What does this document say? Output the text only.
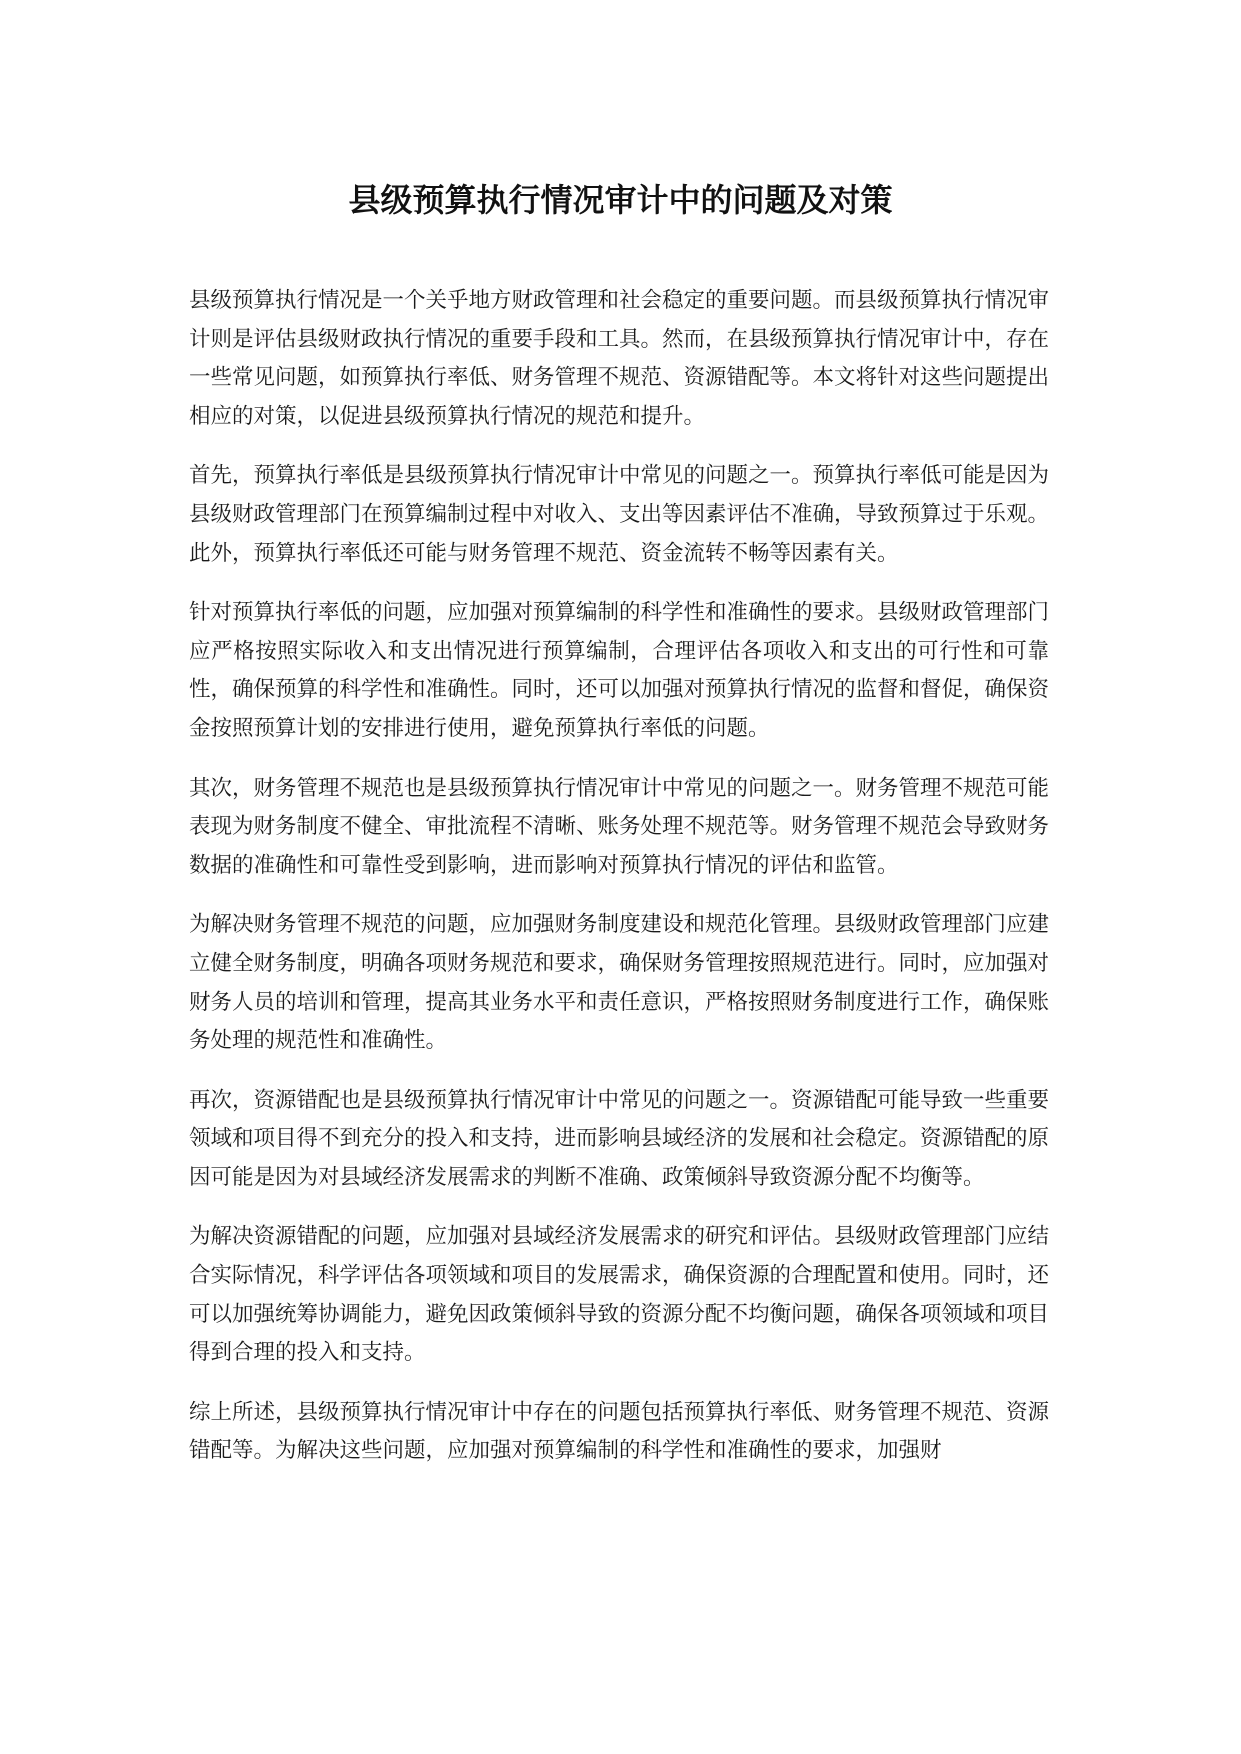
县级预算执行情况审计中的问题及对策

县级预算执行情况是一个关乎地方财政管理和社会稳定的重要问题。而县级预算执行情况审计则是评估县级财政执行情况的重要手段和工具。然而，在县级预算执行情况审计中，存在一些常见问题，如预算执行率低、财务管理不规范、资源错配等。本文将针对这些问题提出相应的对策，以促进县级预算执行情况的规范和提升。

首先，预算执行率低是县级预算执行情况审计中常见的问题之一。预算执行率低可能是因为县级财政管理部门在预算编制过程中对收入、支出等因素评估不准确，导致预算过于乐观。此外，预算执行率低还可能与财务管理不规范、资金流转不畅等因素有关。

针对预算执行率低的问题，应加强对预算编制的科学性和准确性的要求。县级财政管理部门应严格按照实际收入和支出情况进行预算编制，合理评估各项收入和支出的可行性和可靠性，确保预算的科学性和准确性。同时，还可以加强对预算执行情况的监督和督促，确保资金按照预算计划的安排进行使用，避免预算执行率低的问题。

其次，财务管理不规范也是县级预算执行情况审计中常见的问题之一。财务管理不规范可能表现为财务制度不健全、审批流程不清晰、账务处理不规范等。财务管理不规范会导致财务数据的准确性和可靠性受到影响，进而影响对预算执行情况的评估和监管。

为解决财务管理不规范的问题，应加强财务制度建设和规范化管理。县级财政管理部门应建立健全财务制度，明确各项财务规范和要求，确保财务管理按照规范进行。同时，应加强对财务人员的培训和管理，提高其业务水平和责任意识，严格按照财务制度进行工作，确保账务处理的规范性和准确性。

再次，资源错配也是县级预算执行情况审计中常见的问题之一。资源错配可能导致一些重要领域和项目得不到充分的投入和支持，进而影响县域经济的发展和社会稳定。资源错配的原因可能是因为对县域经济发展需求的判断不准确、政策倾斜导致资源分配不均衡等。

为解决资源错配的问题，应加强对县域经济发展需求的研究和评估。县级财政管理部门应结合实际情况，科学评估各项领域和项目的发展需求，确保资源的合理配置和使用。同时，还可以加强统筹协调能力，避免因政策倾斜导致的资源分配不均衡问题，确保各项领域和项目得到合理的投入和支持。

综上所述，县级预算执行情况审计中存在的问题包括预算执行率低、财务管理不规范、资源错配等。为解决这些问题，应加强对预算编制的科学性和准确性的要求，加强财
